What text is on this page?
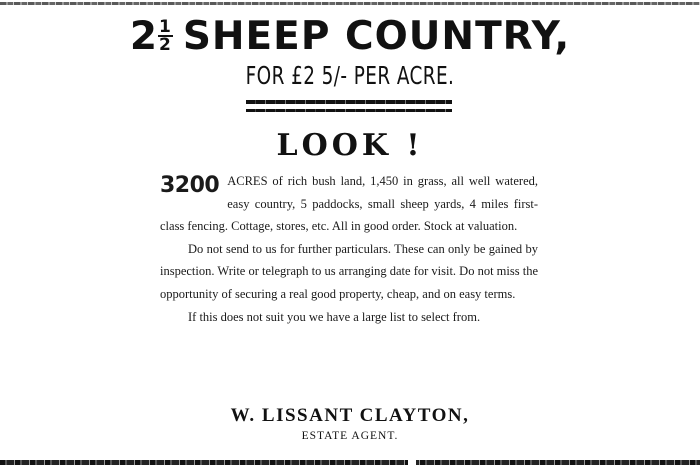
$2 \frac{1}{2}$ SHEEP COUNTRY,
FOR £2 5/- PER ACRE.
LOOK !

3200 ACRES of rich bush land, 1,450 in grass, all well watered, easy country, 5 paddocks, small sheep yards, 4 miles first-class fencing. Cottage, stores, etc. All in good order. Stock at valuation.

Do not send to us for further particulars. These can only be gained by inspection. Write or telegraph to us arranging date for visit. Do not miss the opportunity of securing a real good property, cheap, and on easy terms.

If this does not suit you we have a large list to select from.

W. LISSANT CLAYTON,
ESTATE AGENT.
